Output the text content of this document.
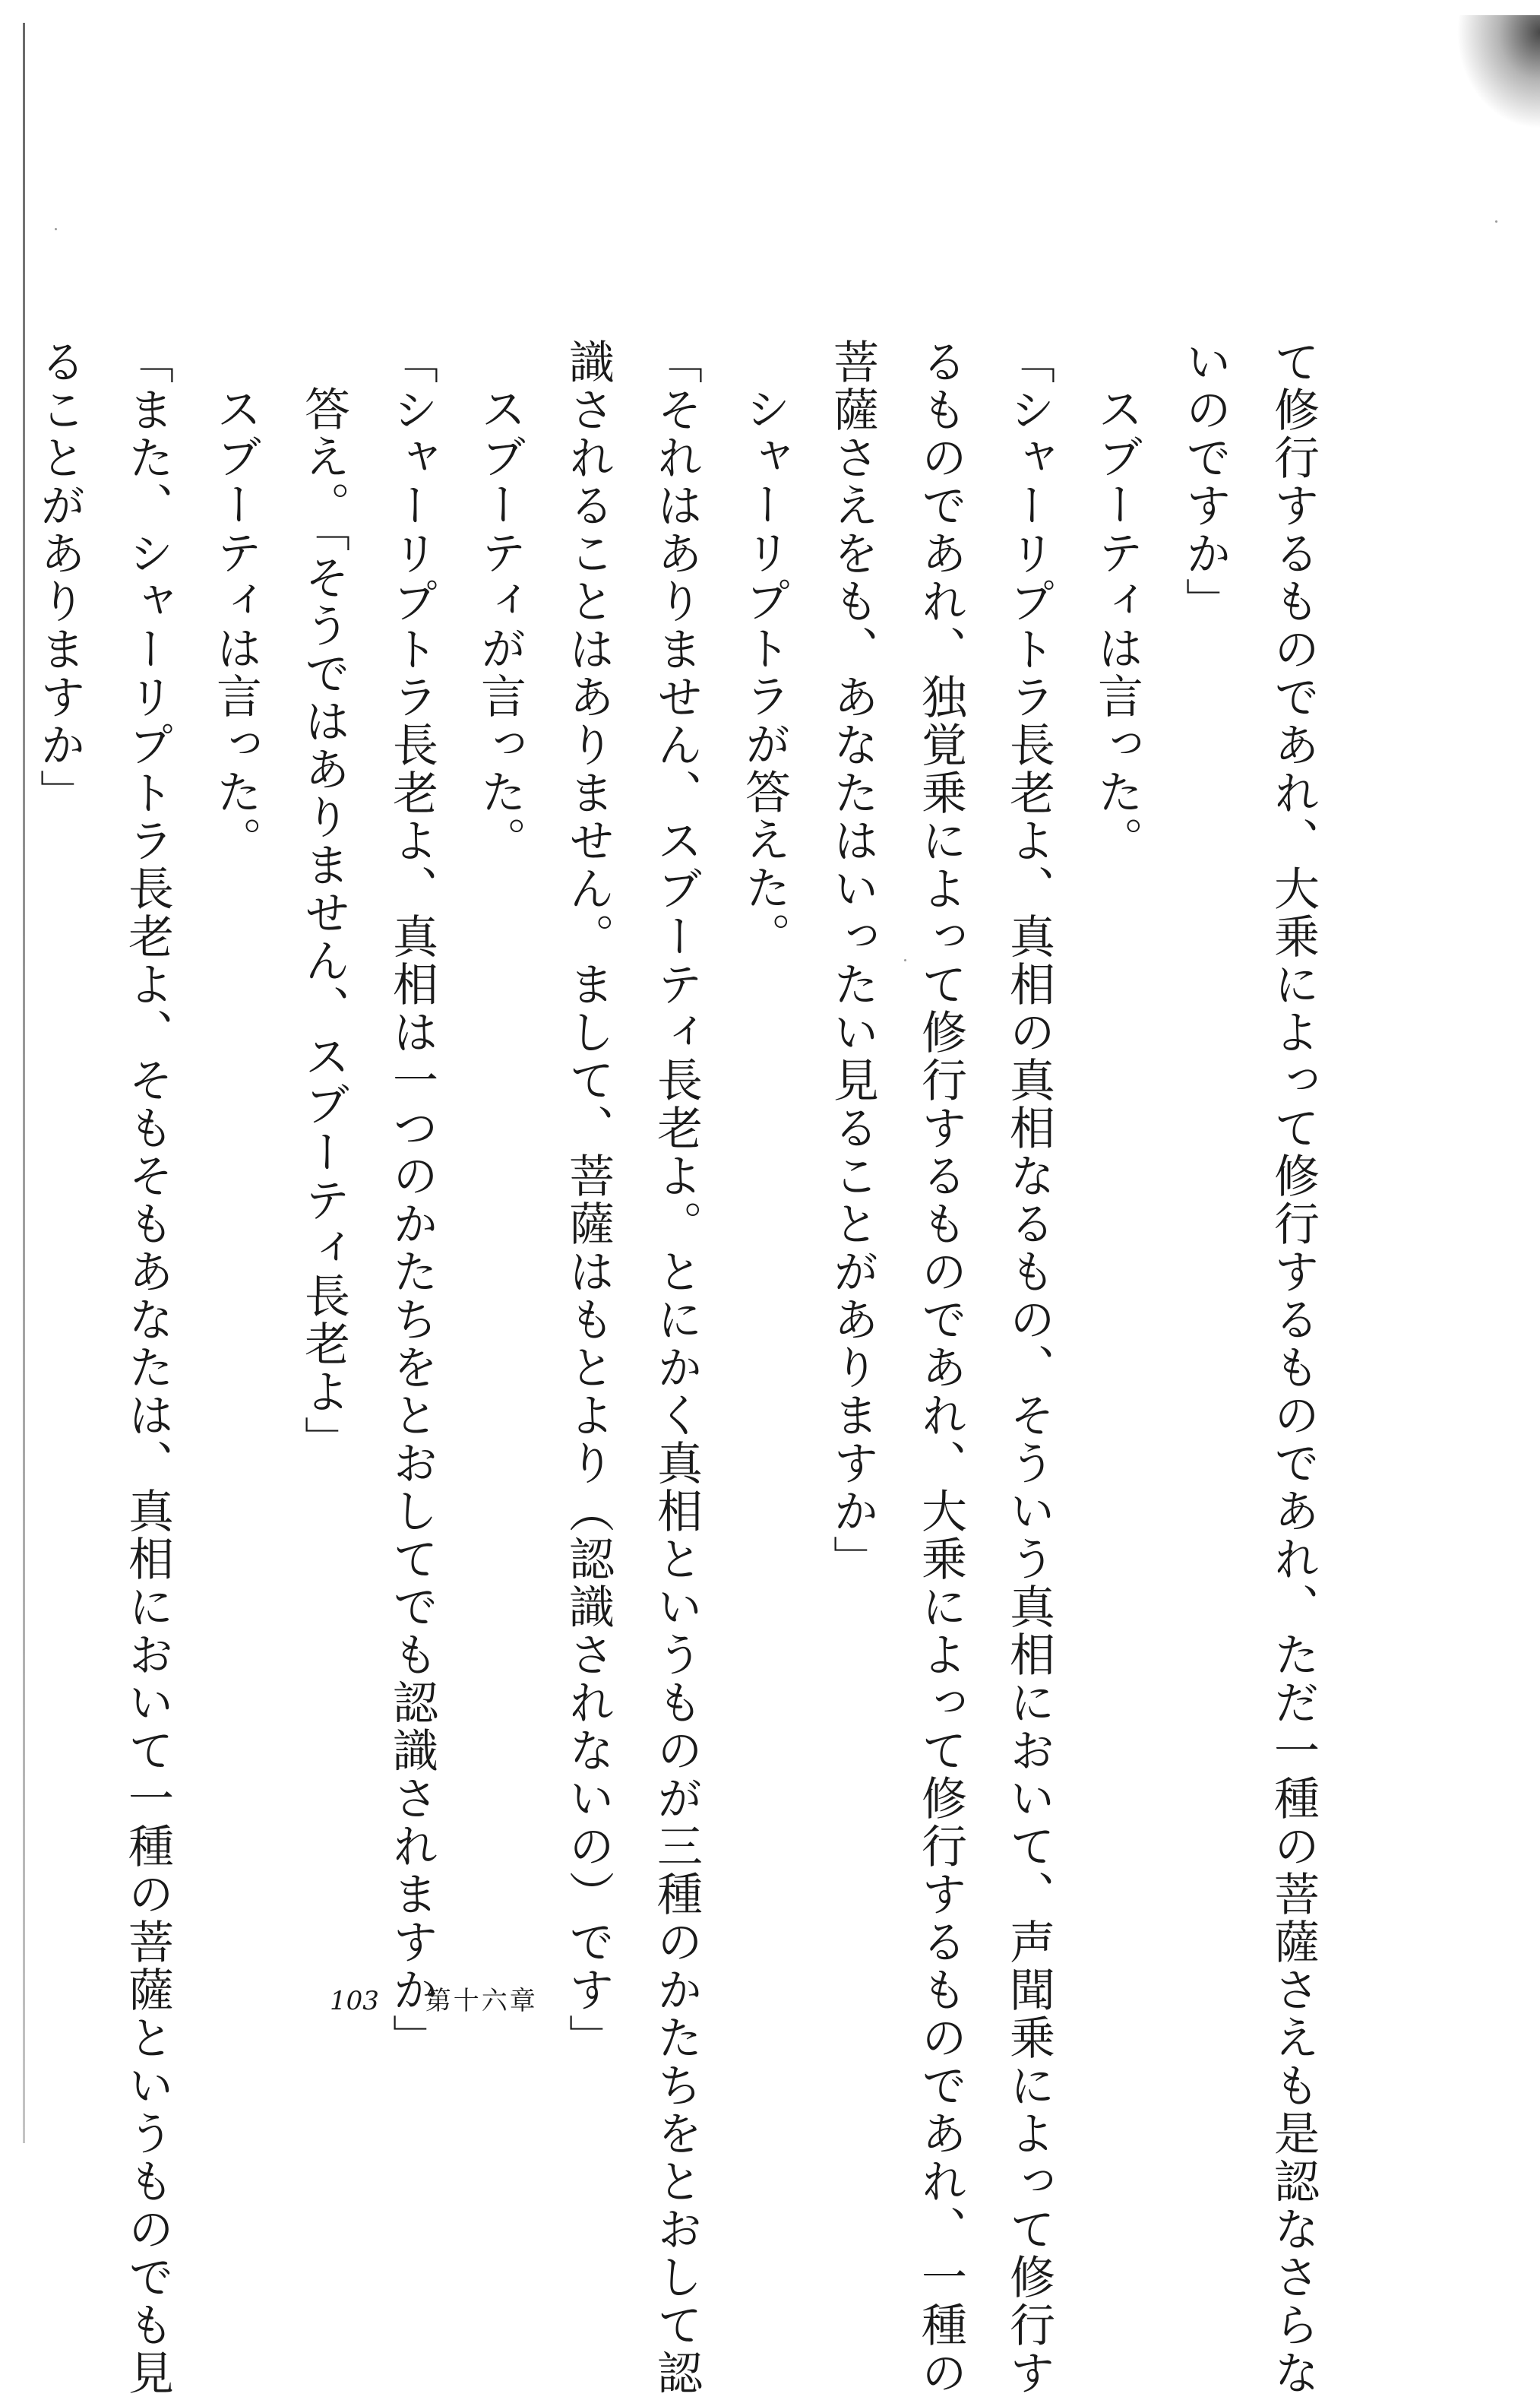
て修行するものであれ、大乗によって修行するものであれ、ただ一種の菩薩さえも是認なさらな
いのですか」
スブーティは言った。
「シャーリプトラ長老よ、真相の真相なるもの、そういう真相において、声聞乗によって修行す
るものであれ、独覚乗によって修行するものであれ、大乗によって修行するものであれ、一種の
菩薩さえをも、あなたはいったい見ることがありますか」
シャーリプトラが答えた。
「それはありません、スブーティ長老よ。とにかく真相というものが三種のかたちをとおして認
識されることはありません。まして、菩薩はもとより（認識されないの）です」
スブーティが言った。
「シャーリプトラ長老よ、真相は一つのかたちをとおしてでも認識されますか」
答え。「そうではありません、スブーティ長老よ」
スブーティは言った。
「また、シャーリプトラ長老よ、そもそもあなたは、真相において一種の菩薩というものでも見
ることがありますか」
103 第十六章
